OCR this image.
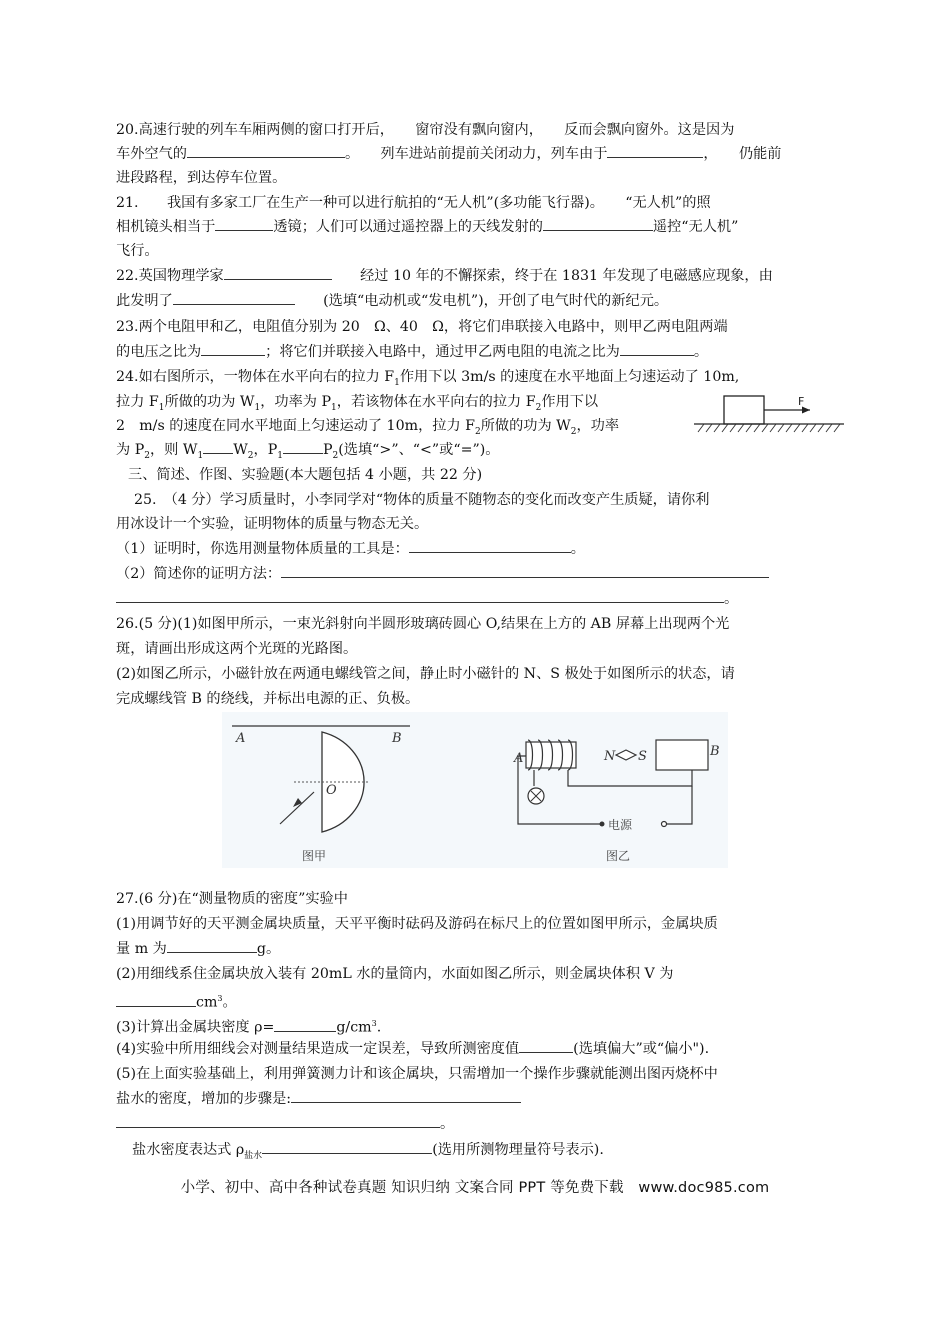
20.高速行驶的列车车厢两侧的窗口打开后，　　窗帘没有飘向窗内，　　反而会飘向窗外。这是因为
车外空气的	。　　列车进站前提前关闭动力，列车由于	，　　仍能前
进段路程，到达停车位置。
21.　　我国有多家工厂在生产一种可以进行航拍的“无人机”(多功能飞行器)。　　“无人机”的照
相机镜头相当于	透镜；人们可以通过遥控器上的天线发射的	遥控“无人机”
飞行。
22.英国物理学家	　　经过 10 年的不懈探索，终于在 1831 年发现了电磁感应现象，由
此发明了	　　(选填“电动机或“发电机”)，开创了电气时代的新纪元。
23.两个电阻甲和乙，电阻值分别为 20　Ω、40　Ω，将它们串联接入电路中，则甲乙两电阻两端
的电压之比为	；将它们并联接入电路中，通过甲乙两电阻的电流之比为	。
24.如右图所示，一物体在水平向右的拉力 $F_1$作用下以 3m/s 的速度在水平地面上匀速运动了 10m,
拉力 $F_1$所做的功为 $W_1$，功率为 $P_1$，若该物体在水平向右的拉力 $F_2$作用下以
2　m/s 的速度在同水平地面上匀速运动了 10m，拉力 $F_2$所做的功为 $W_2$，功率
为 $P_2$，则 $W_1$ $W_2$，$P_1$	$P_2$(选填“>”、“<”或“=”)。
F
三、简述、作图、实验题(本大题包括 4 小题，共 22 分)
25.　（4 分）学习质量时，小李同学对“物体的质量不随物态的变化而改变产生质疑，请你利
用冰设计一个实验，证明物体的质量与物态无关。
（1）证明时，你选用测量物体质量的工具是：	。
（2）简述你的证明方法：
。
26.(5 分)(1)如图甲所示，一束光斜射向半圆形玻璃砖圆心 O,结果在上方的 AB 屏幕上出现两个光
斑，请画出形成这两个光斑的光路图。
(2)如图乙所示，小磁针放在两通电螺线管之间，静止时小磁针的 N、S 极处于如图所示的状态，请
完成螺线管 B 的绕线，并标出电源的正、负极。
A	B
O
图甲
A	N S	B
电源
图乙
27.(6 分)在“测量物质的密度”实验中
(1)用调节好的天平测金属块质量，天平平衡时砝码及游码在标尺上的位置如图甲所示，金属块质
量 m 为	g。
(2)用细线系住金属块放入装有 20mL 水的量筒内，水面如图乙所示，则金属块体积 V 为
$cm^3$。
(3)计算出金属块密度 ρ=	$g/cm^3$.
(4)实验中所用细线会对测量结果造成一定误差，导致所测密度值	(选填偏大”或“偏小").
(5)在上面实验基础上，利用弹簧测力计和该企属块，只需增加一个操作步骤就能测出图丙烧杯中
盐水的密度，增加的步骤是:
。
盐水密度表达式 $\rho_{盐水}$	(选用所测物理量符号表示).
小学、初中、高中各种试卷真题 知识归纳 文案合同 PPT 等免费下载　www.doc985.com
